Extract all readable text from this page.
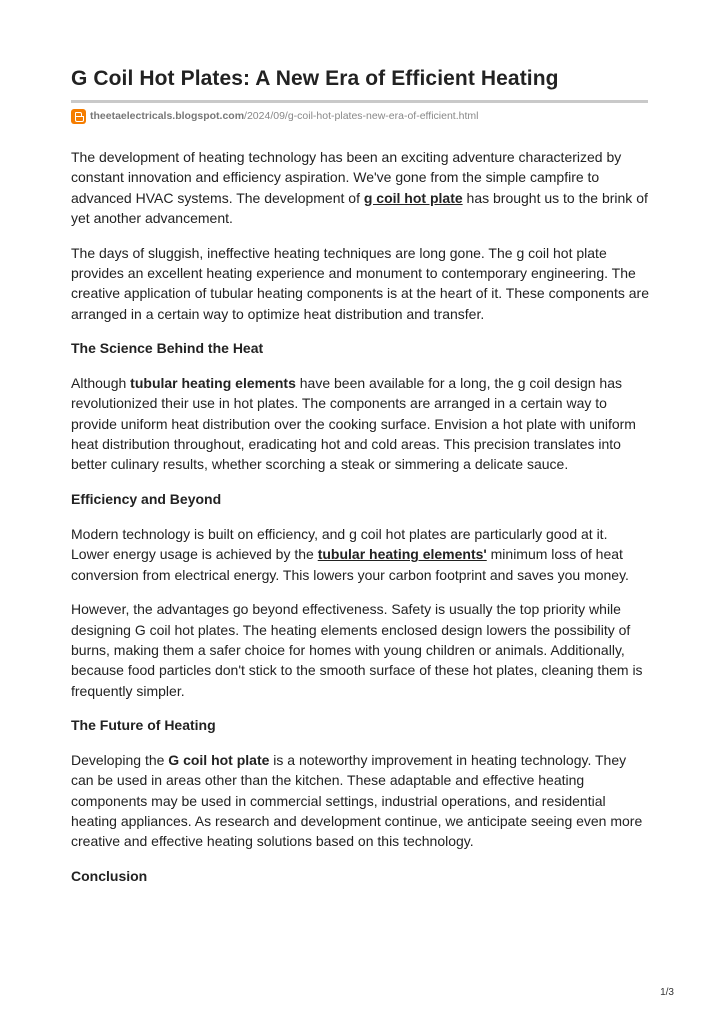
G Coil Hot Plates: A New Era of Efficient Heating
theetaelectricals.blogspot.com /2024/09/g-coil-hot-plates-new-era-of-efficient.html

The development of heating technology has been an exciting adventure characterized by constant innovation and efficiency aspiration. We've gone from the simple campfire to advanced HVAC systems. The development of g coil hot plate has brought us to the brink of yet another advancement.

The days of sluggish, ineffective heating techniques are long gone. The g coil hot plate provides an excellent heating experience and monument to contemporary engineering. The creative application of tubular heating components is at the heart of it. These components are arranged in a certain way to optimize heat distribution and transfer.

The Science Behind the Heat

Although tubular heating elements have been available for a long, the g coil design has revolutionized their use in hot plates. The components are arranged in a certain way to provide uniform heat distribution over the cooking surface. Envision a hot plate with uniform heat distribution throughout, eradicating hot and cold areas. This precision translates into better culinary results, whether scorching a steak or simmering a delicate sauce.

Efficiency and Beyond

Modern technology is built on efficiency, and g coil hot plates are particularly good at it. Lower energy usage is achieved by the tubular heating elements' minimum loss of heat conversion from electrical energy. This lowers your carbon footprint and saves you money.

However, the advantages go beyond effectiveness. Safety is usually the top priority while designing G coil hot plates. The heating elements enclosed design lowers the possibility of burns, making them a safer choice for homes with young children or animals. Additionally, because food particles don't stick to the smooth surface of these hot plates, cleaning them is frequently simpler.

The Future of Heating

Developing the G coil hot plate is a noteworthy improvement in heating technology. They can be used in areas other than the kitchen. These adaptable and effective heating components may be used in commercial settings, industrial operations, and residential heating appliances. As research and development continue, we anticipate seeing even more creative and effective heating solutions based on this technology.

Conclusion
1/3
